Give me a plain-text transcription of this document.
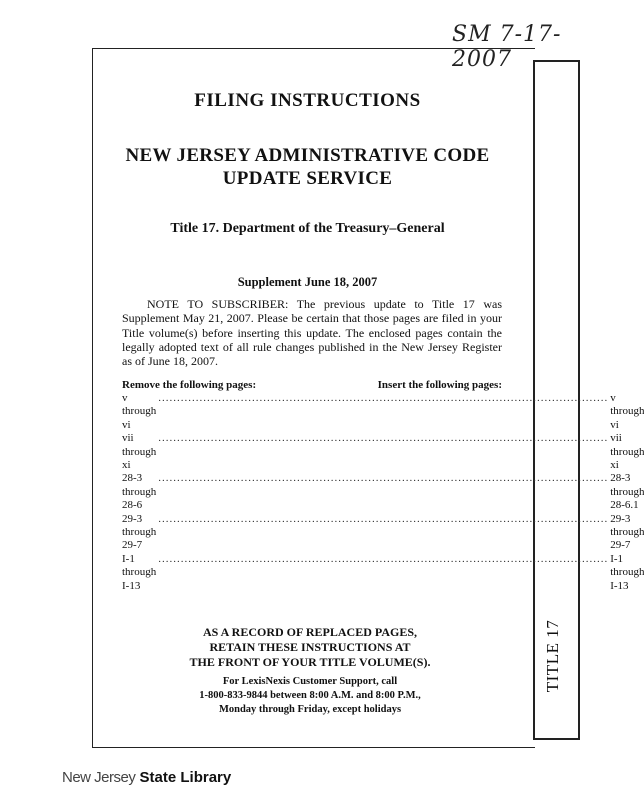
SM 7-17-2007
TITLE 17
FILING INSTRUCTIONS
NEW JERSEY ADMINISTRATIVE CODE
UPDATE SERVICE
Title 17. Department of the Treasury–General
Supplement June 18, 2007
NOTE TO SUBSCRIBER: The previous update to Title 17 was Supplement May 21, 2007. Please be certain that those pages are filed in your Title volume(s) before inserting this update. The enclosed pages contain the legally adopted text of all rule changes published in the New Jersey Register as of June 18, 2007.
Remove the following pages:	Insert the following pages:
v through vi
........................................................................................................................ v through vi
vii through xi
........................................................................................................................ vii through xi
28-3 through 28-6
........................................................................................................................ 28-3 through 28-6.1
29-3 through 29-7
........................................................................................................................ 29-3 through 29-7
I-1 through I-13
........................................................................................................................ I-1 through I-13
AS A RECORD OF REPLACED PAGES,
RETAIN THESE INSTRUCTIONS AT
THE FRONT OF YOUR TITLE VOLUME(S).
For LexisNexis Customer Support, call
1-800-833-9844 between 8:00 A.M. and 8:00 P.M.,
Monday through Friday, except holidays
New Jersey State Library
